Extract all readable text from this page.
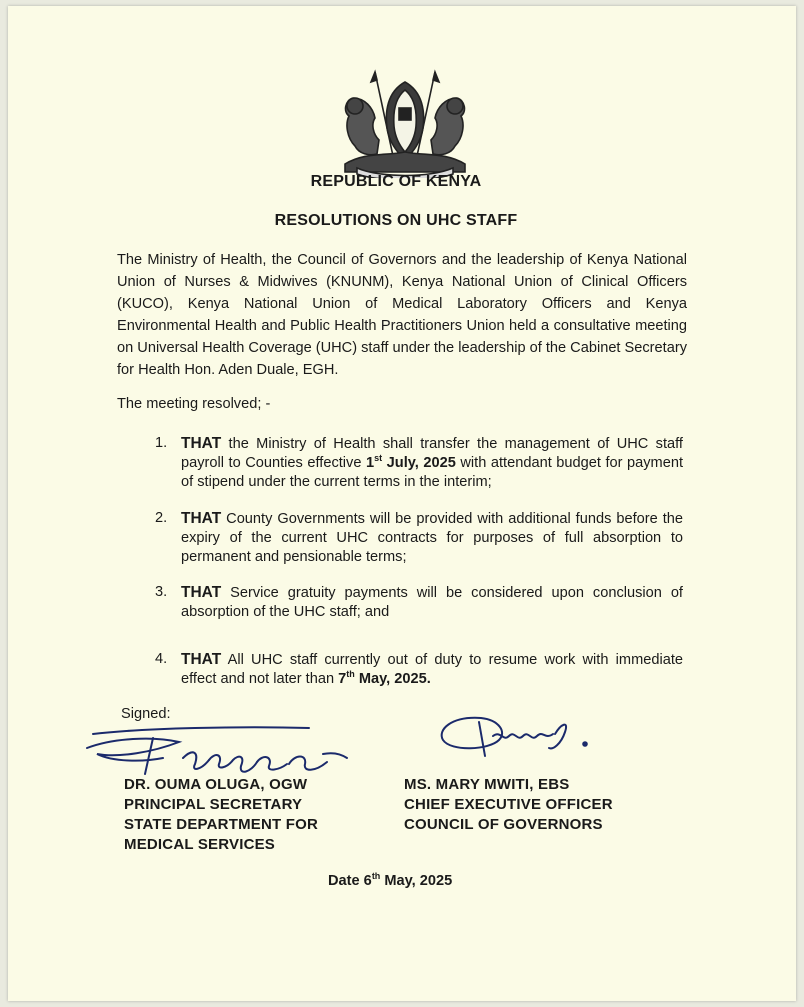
REPUBLIC OF KENYA
RESOLUTIONS ON UHC STAFF
The Ministry of Health, the Council of Governors and the leadership of Kenya National Union of Nurses & Midwives (KNUNM), Kenya National Union of Clinical Officers (KUCO), Kenya National Union of Medical Laboratory Officers and Kenya Environmental Health and Public Health Practitioners Union held a consultative meeting on Universal Health Coverage (UHC) staff under the leadership of the Cabinet Secretary for Health Hon. Aden Duale, EGH.
The meeting resolved; -
1. THAT the Ministry of Health shall transfer the management of UHC staff payroll to Counties effective 1st July, 2025 with attendant budget for payment of stipend under the current terms in the interim;
2. THAT County Governments will be provided with additional funds before the expiry of the current UHC contracts for purposes of full absorption to permanent and pensionable terms;
3. THAT Service gratuity payments will be considered upon conclusion of absorption of the UHC staff; and
4. THAT All UHC staff currently out of duty to resume work with immediate effect and not later than 7th May, 2025.
Signed:
DR. OUMA OLUGA, OGW
PRINCIPAL SECRETARY
STATE DEPARTMENT FOR
MEDICAL SERVICES
MS. MARY MWITI, EBS
CHIEF EXECUTIVE OFFICER
COUNCIL OF GOVERNORS
Date 6th May, 2025
